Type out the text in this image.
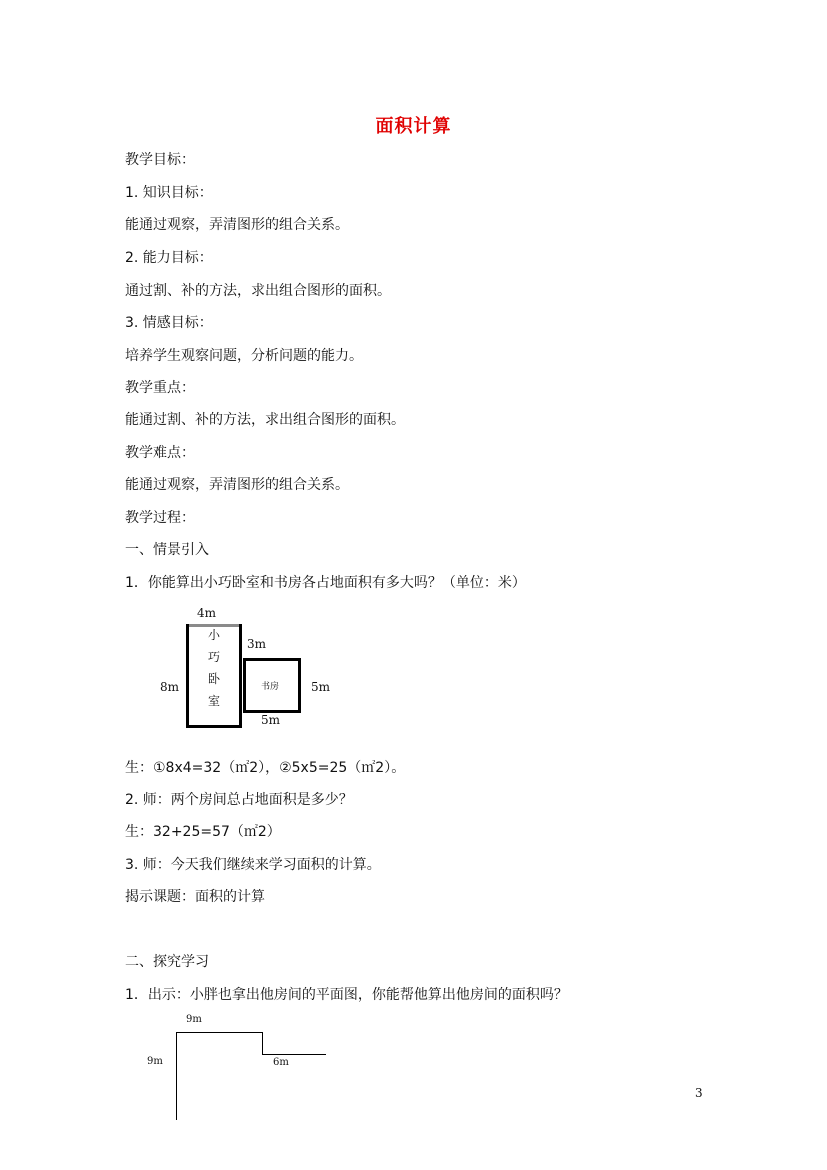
面积计算
教学目标：
1. 知识目标：
能通过观察，弄清图形的组合关系。
2. 能力目标：
通过割、补的方法，求出组合图形的面积。
3. 情感目标：
培养学生观察问题，分析问题的能力。
教学重点：
能通过割、补的方法，求出组合图形的面积。
教学难点：
能通过观察，弄清图形的组合关系。
教学过程：
一、情景引入
1．你能算出小巧卧室和书房各占地面积有多大吗？（单位：米）
4m
8m
小
巧
卧
室
3m
书房	5m
5m
生：①8x4=32（㎡2），②5x5=25（㎡2）。
2. 师：两个房间总占地面积是多少？
生：32+25=57（㎡2）
3. 师：今天我们继续来学习面积的计算。
揭示课题：面积的计算
二、探究学习
1．出示：小胖也拿出他房间的平面图，你能帮他算出他房间的面积吗？
9m
9m	6m
3
